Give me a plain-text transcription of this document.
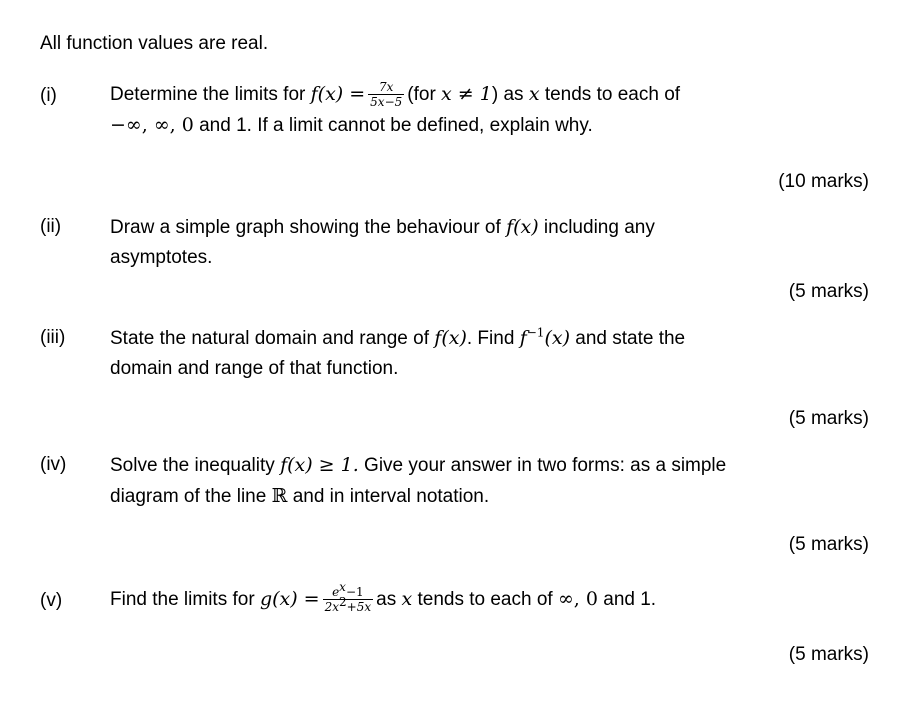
All function values are real.
(i)	Determine the limits for $f(x) = \frac{7x}{5x-5} (for$ x ≠ 1) as x tends to each of
−∞, ∞, 0 and 1. If a limit cannot be defined, explain why.
(10 marks)
(ii)	Draw a simple graph showing the behaviour of f(x) including any
asymptotes.
(5 marks)
(iii) State the natural domain and range of f(x). Find $f^{-1}(x)$ and state the
domain and range of that function.
(5 marks)
(iv) Solve the inequality f(x) ≥ 1. Give your answer in two forms: as a simple
diagram of the line ℝ and in interval notation.
(5 marks)
(v)	Find the limits for $g(x) = \frac{e^x-1}{2x^2+5x}$ as x tends to each of ∞, 0 and 1.
(5 marks)
